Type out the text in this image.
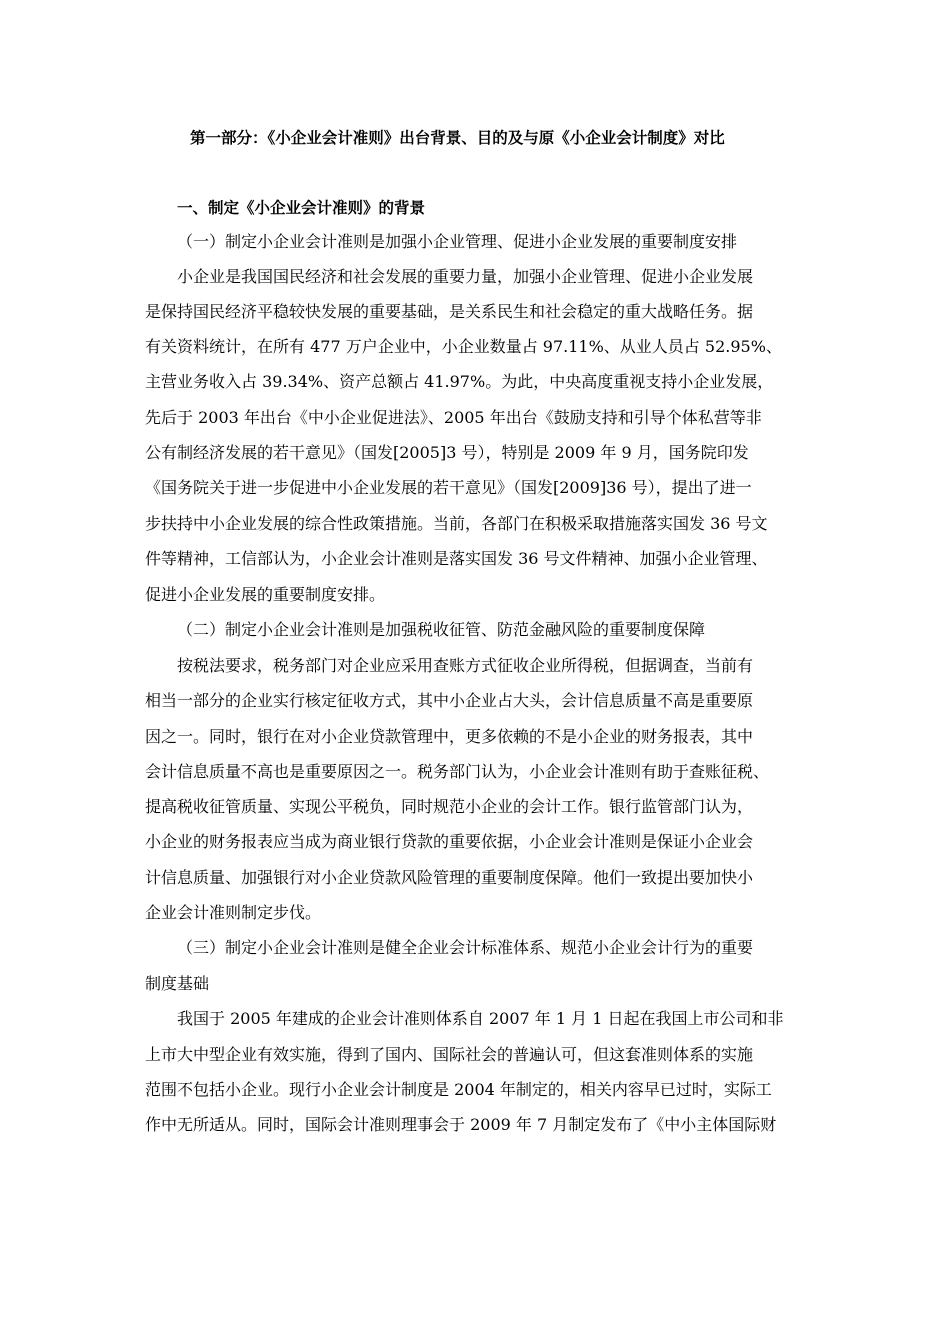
第一部分：《小企业会计准则》出台背景、目的及与原《小企业会计制度》对比
一、制定《小企业会计准则》的背景
（一）制定小企业会计准则是加强小企业管理、促进小企业发展的重要制度安排
小企业是我国国民经济和社会发展的重要力量，加强小企业管理、促进小企业发展
是保持国民经济平稳较快发展的重要基础，是关系民生和社会稳定的重大战略任务。据
有关资料统计，在所有 477 万户企业中，小企业数量占 97.11%、从业人员占 52.95%、
主营业务收入占 39.34%、资产总额占 41.97%。为此，中央高度重视支持小企业发展，
先后于 2003 年出台《中小企业促进法》、2005 年出台《鼓励支持和引导个体私营等非
公有制经济发展的若干意见》（国发[2005]3 号），特别是 2009 年 9 月，国务院印发
《国务院关于进一步促进中小企业发展的若干意见》（国发[2009]36 号），提出了进一
步扶持中小企业发展的综合性政策措施。当前，各部门在积极采取措施落实国发 36 号文
件等精神，工信部认为，小企业会计准则是落实国发 36 号文件精神、加强小企业管理、
促进小企业发展的重要制度安排。
（二）制定小企业会计准则是加强税收征管、防范金融风险的重要制度保障
按税法要求，税务部门对企业应采用查账方式征收企业所得税，但据调查，当前有
相当一部分的企业实行核定征收方式，其中小企业占大头，会计信息质量不高是重要原
因之一。同时，银行在对小企业贷款管理中，更多依赖的不是小企业的财务报表，其中
会计信息质量不高也是重要原因之一。税务部门认为，小企业会计准则有助于查账征税、
提高税收征管质量、实现公平税负，同时规范小企业的会计工作。银行监管部门认为，
小企业的财务报表应当成为商业银行贷款的重要依据，小企业会计准则是保证小企业会
计信息质量、加强银行对小企业贷款风险管理的重要制度保障。他们一致提出要加快小
企业会计准则制定步伐。
（三）制定小企业会计准则是健全企业会计标准体系、规范小企业会计行为的重要
制度基础
我国于 2005 年建成的企业会计准则体系自 2007 年 1 月 1 日起在我国上市公司和非
上市大中型企业有效实施，得到了国内、国际社会的普遍认可，但这套准则体系的实施
范围不包括小企业。现行小企业会计制度是 2004 年制定的，相关内容早已过时，实际工
作中无所适从。同时，国际会计准则理事会于 2009 年 7 月制定发布了《中小主体国际财
